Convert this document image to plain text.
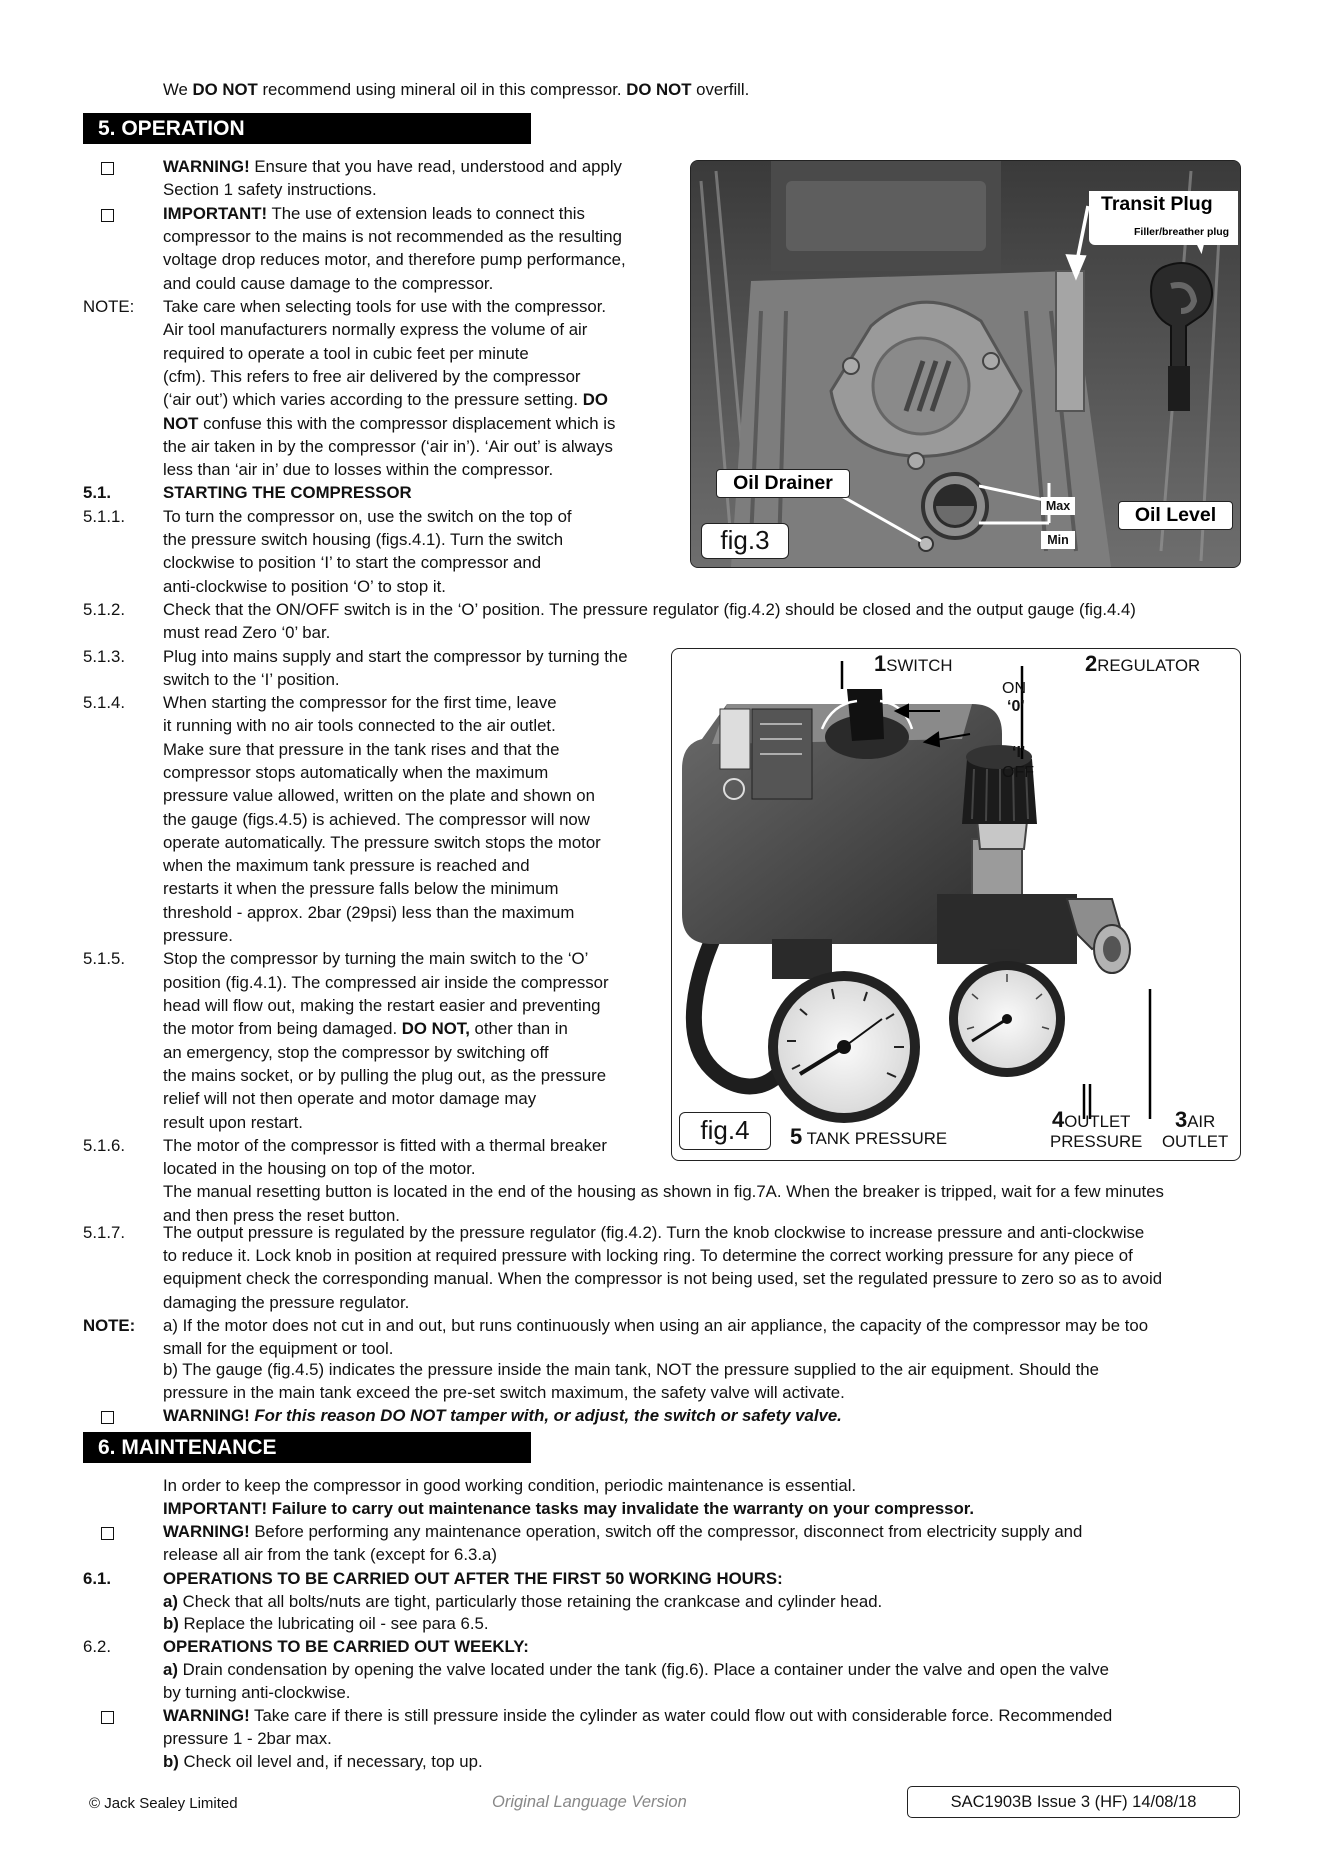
We DO NOT recommend using mineral oil in this compressor. DO NOT overfill.
5. OPERATION
WARNING! Ensure that you have read, understood and apply
Section 1 safety instructions.
IMPORTANT! The use of extension leads to connect this
compressor to the mains is not recommended as the resulting
voltage drop reduces motor, and therefore pump performance,
and could cause damage to the compressor.
NOTE: Take care when selecting tools for use with the compressor.
Air tool manufacturers normally express the volume of air
required to operate a tool in cubic feet per minute
(cfm). This refers to free air delivered by the compressor
(‘air out’) which varies according to the pressure setting. DO
NOT confuse this with the compressor displacement which is
the air taken in by the compressor (‘air in’). ‘Air out’ is always
less than ‘air in’ due to losses within the compressor.
5.1.	STARTING THE COMPRESSOR
5.1.1. To turn the compressor on, use the switch on the top of
the pressure switch housing (figs.4.1). Turn the switch
clockwise to position ‘I’ to start the compressor and
anti-clockwise to position ‘O’ to stop it.
5.1.2. Check that the ON/OFF switch is in the ‘O’ position. The pressure regulator (fig.4.2) should be closed and the output gauge (fig.4.4)
must read Zero ‘0’ bar.
5.1.3. Plug into mains supply and start the compressor by turning the
switch to the ‘I’ position.
5.1.4. When starting the compressor for the first time, leave
it running with no air tools connected to the air outlet.
Make sure that pressure in the tank rises and that the
compressor stops automatically when the maximum
pressure value allowed, written on the plate and shown on
the gauge (figs.4.5) is achieved. The compressor will now
operate automatically. The pressure switch stops the motor
when the maximum tank pressure is reached and
restarts it when the pressure falls below the minimum
threshold - approx. 2bar (29psi) less than the maximum
pressure.
5.1.5. Stop the compressor by turning the main switch to the ‘O’
position (fig.4.1). The compressed air inside the compressor
head will flow out, making the restart easier and preventing
the motor from being damaged. DO NOT, other than in
an emergency, stop the compressor by switching off
the mains socket, or by pulling the plug out, as the pressure
relief will not then operate and motor damage may
result upon restart.
5.1.6. The motor of the compressor is fitted with a thermal breaker
located in the housing on top of the motor.
The manual resetting button is located in the end of the housing as shown in fig.7A. When the breaker is tripped, wait for a few minutes
and then press the reset button.
5.1.7. The output pressure is regulated by the pressure regulator (fig.4.2). Turn the knob clockwise to increase pressure and anti-clockwise
to reduce it. Lock knob in position at required pressure with locking ring. To determine the correct working pressure for any piece of
equipment check the corresponding manual. When the compressor is not being used, set the regulated pressure to zero so as to avoid
damaging the pressure regulator.
NOTE: a) If the motor does not cut in and out, but runs continuously when using an air appliance, the capacity of the compressor may be too
small for the equipment or tool.
b) The gauge (fig.4.5) indicates the pressure inside the main tank, NOT the pressure supplied to the air equipment. Should the
pressure in the main tank exceed the pre-set switch maximum, the safety valve will activate.
WARNING! For this reason DO NOT tamper with, or adjust, the switch or safety valve.
6. MAINTENANCE
In order to keep the compressor in good working condition, periodic maintenance is essential.
IMPORTANT! Failure to carry out maintenance tasks may invalidate the warranty on your compressor.
WARNING! Before performing any maintenance operation, switch off the compressor, disconnect from electricity supply and
release all air from the tank (except for 6.3.a)
6.1.	OPERATIONS TO BE CARRIED OUT AFTER THE FIRST 50 WORKING HOURS:
a) Check that all bolts/nuts are tight, particularly those retaining the crankcase and cylinder head.
b) Replace the lubricating oil - see para 6.5.
6.2.	OPERATIONS TO BE CARRIED OUT WEEKLY:
a) Drain condensation by opening the valve located under the tank (fig.6). Place a container under the valve and open the valve
by turning anti-clockwise.
WARNING! Take care if there is still pressure inside the cylinder as water could flow out with considerable force. Recommended
pressure 1 - 2bar max.
b) Check oil level and, if necessary, top up.
© Jack Sealey Limited	Original Language Version	SAC1903B Issue 3 (HF) 14/08/18
Transit Plug
Filler/breather plug
Oil Drainer
Max
Min
Oil Level
fig.3
1SWITCH	2REGULATOR
ON
‘0’
‘I’
OFF
fig.4	5 TANK PRESSURE
4OUTLET
PRESSURE
3AIR
OUTLET
